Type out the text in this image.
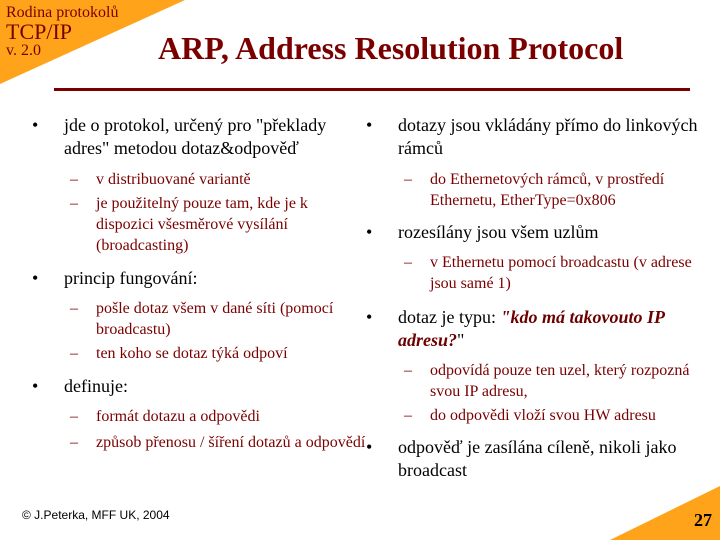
Rodina protokolů
TCP/IP
v. 2.0	ARP, Address Resolution Protocol
• jde o protokol, určený pro "překlady adres" metodou dotaz&odpověď
– v distribuované variantě
– je použitelný pouze tam, kde je k dispozici všesměrové vysílání (broadcasting)
• princip fungování:
– pošle dotaz všem v dané síti (pomocí broadcastu)
– ten koho se dotaz týká odpoví
• definuje:
– formát dotazu a odpovědi
– způsob přenosu / šíření dotazů a odpovědí
• dotazy jsou vkládány přímo do linkových rámců
– do Ethernetových rámců, v prostředí Ethernetu, EtherType=0x806
• rozesílány jsou všem uzlům
– v Ethernetu pomocí broadcastu (v adrese jsou samé 1)
• dotaz je typu: "kdo má takovouto IP adresu?"
– odpovídá pouze ten uzel, který rozpozná svou IP adresu,
– do odpovědi vloží svou HW adresu
• odpověď je zasílána cíleně, nikoli jako broadcast
© J.Peterka, MFF UK, 2004	27
